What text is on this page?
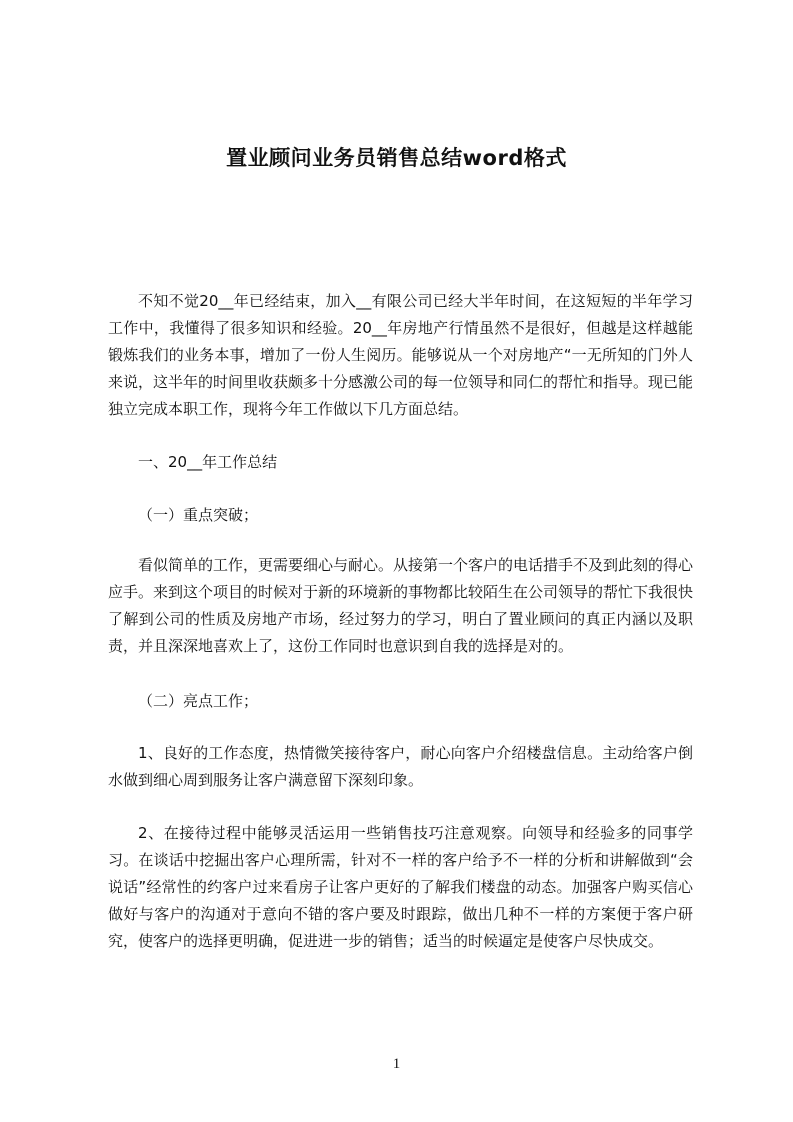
置业顾问业务员销售总结word格式

不知不觉20__年已经结束，加入__有限公司已经大半年时间，在这短短的半年学习工作中，我懂得了很多知识和经验。20__年房地产行情虽然不是很好，但越是这样越能锻炼我们的业务本事，增加了一份人生阅历。能够说从一个对房地产“一无所知的门外人来说，这半年的时间里收获颇多十分感激公司的每一位领导和同仁的帮忙和指导。现已能独立完成本职工作，现将今年工作做以下几方面总结。

一、20__年工作总结
（一）重点突破；

看似简单的工作，更需要细心与耐心。从接第一个客户的电话措手不及到此刻的得心应手。来到这个项目的时候对于新的环境新的事物都比较陌生在公司领导的帮忙下我很快了解到公司的性质及房地产市场，经过努力的学习，明白了置业顾问的真正内涵以及职责，并且深深地喜欢上了，这份工作同时也意识到自我的选择是对的。

（二）亮点工作；

1、良好的工作态度，热情微笑接待客户，耐心向客户介绍楼盘信息。主动给客户倒水做到细心周到服务让客户满意留下深刻印象。

2、在接待过程中能够灵活运用一些销售技巧注意观察。向领导和经验多的同事学习。在谈话中挖掘出客户心理所需，针对不一样的客户给予不一样的分析和讲解做到“会说话”经常性的约客户过来看房子让客户更好的了解我们楼盘的动态。加强客户购买信心做好与客户的沟通对于意向不错的客户要及时跟踪，做出几种不一样的方案便于客户研究，使客户的选择更明确，促进进一步的销售；适当的时候逼定是使客户尽快成交。

1
